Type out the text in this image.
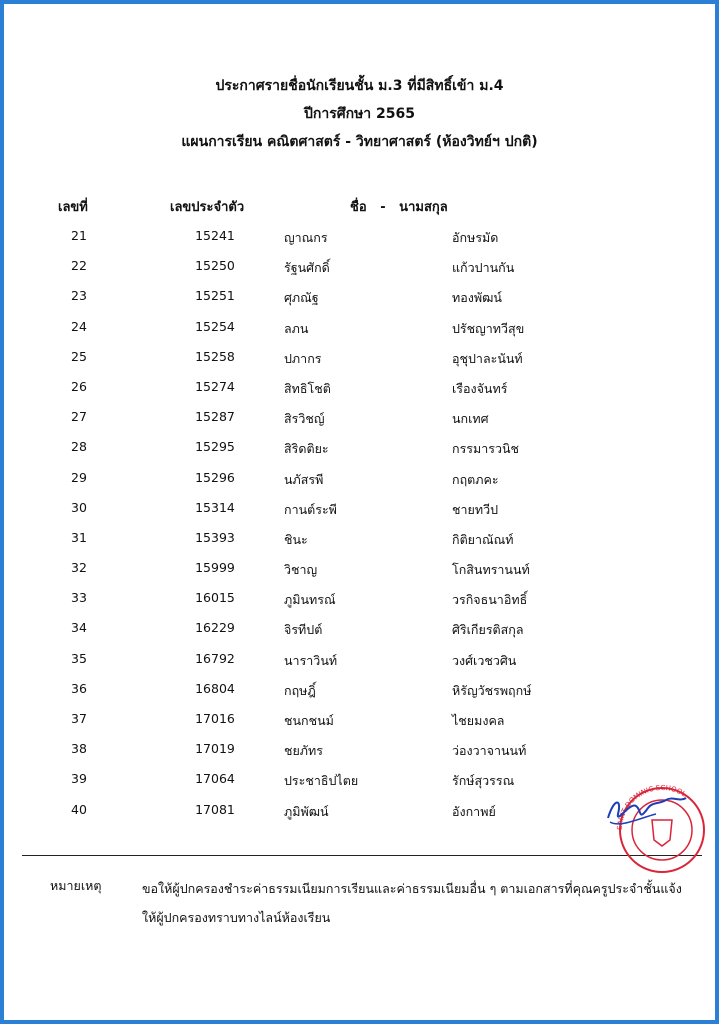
ประกาศรายชื่อนักเรียนชั้น ม.3 ที่มีสิทธิ์เข้า ม.4
ปีการศึกษา 2565
แผนการเรียน คณิตศาสตร์ - วิทยาศาสตร์ (ห้องวิทย์ฯ ปกติ)
เลขที่	เลขประจำตัว	ชื่อ   -   นามสกุล
21	15241	ญาณกร	อักษรมัด
22	15250	รัฐนศักดิ์	แก้วปานกัน
23	15251	ศุภณัฐ	ทองพัฒน์
24	15254	ลภน	ปรัชญาทวีสุข
25	15258	ปภากร	อุชุปาละนันท์
26	15274	สิทธิโชติ	เรืองจันทร์
27	15287	สิรวิชญ์	นกเทศ
28	15295	สิริดติยะ	กรรมารวนิช
29	15296	นภัสรพี	กฤตภคะ
30	15314	กานต์ระพี	ชายทวีป
31	15393	ชินะ	กิติยาณัณท์
32	15999	วิชาญ	โกสินทรานนท์
33	16015	ภูมินทรณ์	วรกิจธนาอิทธิ์
34	16229	จิรทีปต์	ศิริเกียรติสกุล
35	16792	นาราวินท์	วงศ์เวชวศิน
36	16804	กฤษฎิ์	หิรัญวัชรพฤกษ์
37	17016	ชนกชนม์	ไชยมงคล
38	17019	ชยภัทร	ว่องวาจานนท์
39	17064	ประชาธิปไตย	รักษ์สุวรรณ
40	17081	ภูมิพัฒน์	อังกาพย์
หมายเหตุ	ขอให้ผู้ปกครองชำระค่าธรรมเนียมการเรียนและค่าธรรมเนียมอื่น ๆ ตามเอกสารที่คุณครูประจำชั้นแจ้งให้ผู้ปกครองทราบทางไลน์ห้องเรียน
SAINT DOMINIC SCHOOL
